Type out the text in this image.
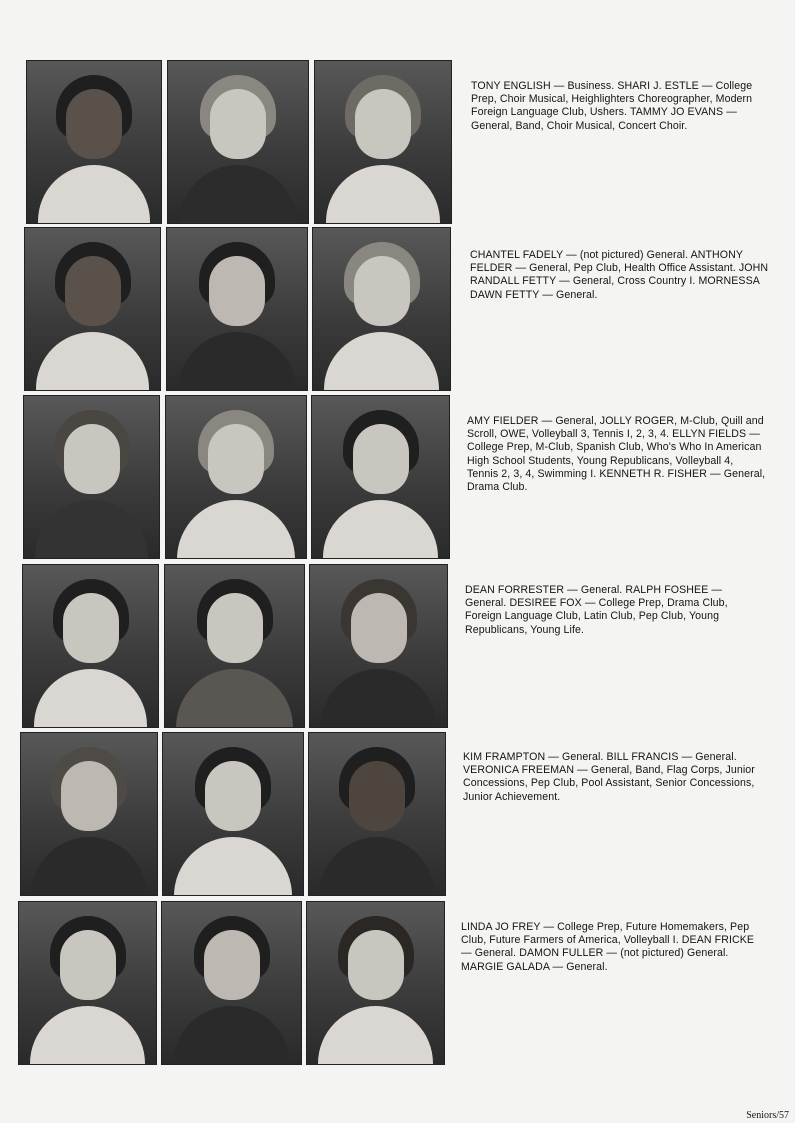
TONY ENGLISH — Business. SHARI J. ESTLE — College Prep, Choir Musical, Heighlighters Choreographer, Modern Foreign Language Club, Ushers. TAMMY JO EVANS — General, Band, Choir Musical, Concert Choir.
CHANTEL FADELY — (not pictured) General. ANTHONY FELDER — General, Pep Club, Health Office Assistant. JOHN RANDALL FETTY — General, Cross Country I. MORNESSA DAWN FETTY — General.
AMY FIELDER — General, JOLLY ROGER, M-Club, Quill and Scroll, OWE, Volleyball 3, Tennis I, 2, 3, 4. ELLYN FIELDS — College Prep, M-Club, Spanish Club, Who's Who In American High School Students, Young Republicans, Volleyball 4, Tennis 2, 3, 4, Swimming I. KENNETH R. FISHER — General, Drama Club.
DEAN FORRESTER — General. RALPH FOSHEE — General. DESIREE FOX — College Prep, Drama Club, Foreign Language Club, Latin Club, Pep Club, Young Republicans, Young Life.
KIM FRAMPTON — General. BILL FRANCIS — General. VERONICA FREEMAN — General, Band, Flag Corps, Junior Concessions, Pep Club, Pool Assistant, Senior Concessions, Junior Achievement.
LINDA JO FREY — College Prep, Future Homemakers, Pep Club, Future Farmers of America, Volleyball I. DEAN FRICKE — General. DAMON FULLER — (not pictured) General. MARGIE GALADA — General.
Seniors/57
